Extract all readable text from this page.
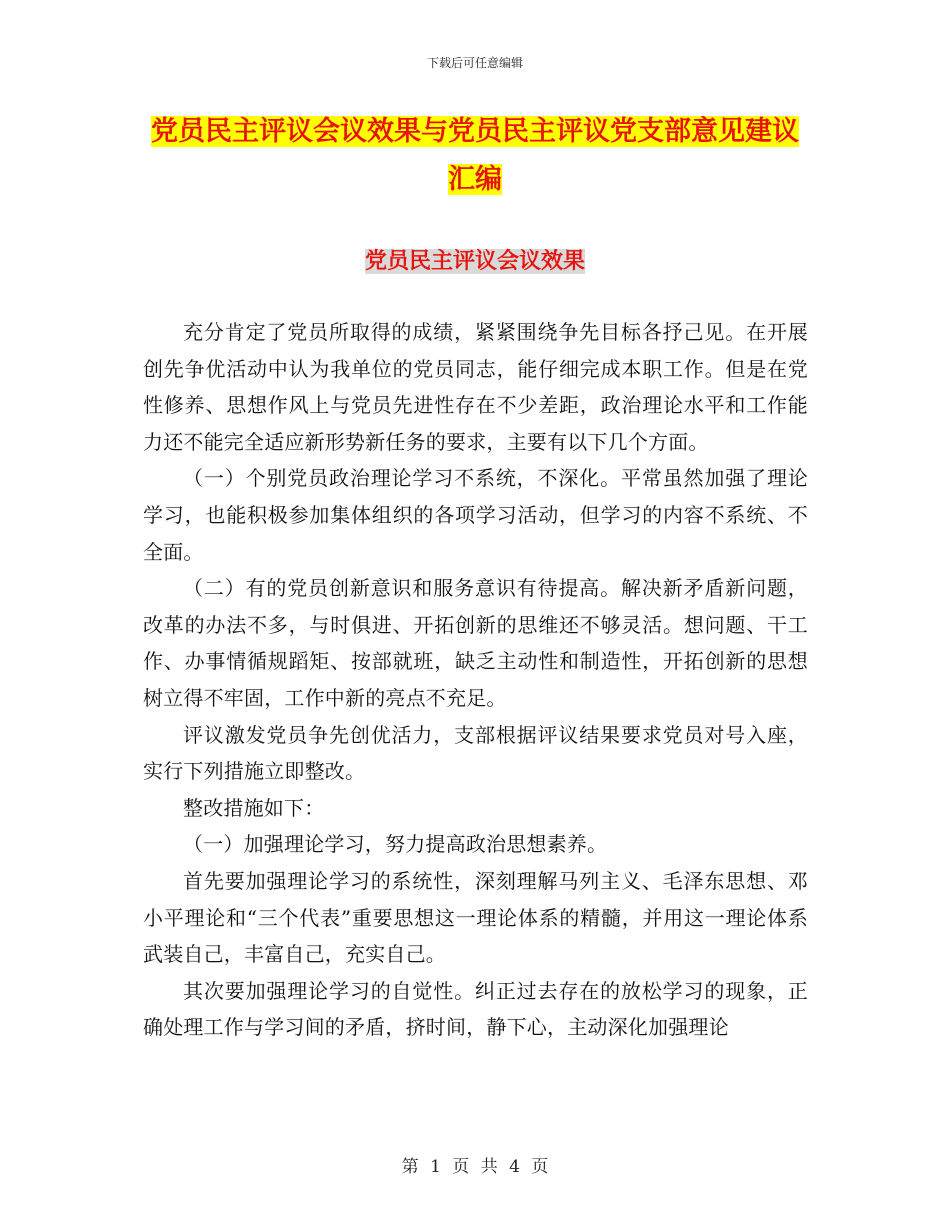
下载后可任意编辑
党员民主评议会议效果与党员民主评议党支部意见建议汇编
党员民主评议会议效果

充分肯定了党员所取得的成绩，紧紧围绕争先目标各抒己见。在开展创先争优活动中认为我单位的党员同志，能仔细完成本职工作。但是在党性修养、思想作风上与党员先进性存在不少差距，政治理论水平和工作能力还不能完全适应新形势新任务的要求，主要有以下几个方面。

（一）个别党员政治理论学习不系统，不深化。平常虽然加强了理论学习，也能积极参加集体组织的各项学习活动，但学习的内容不系统、不全面。

（二）有的党员创新意识和服务意识有待提高。解决新矛盾新问题，改革的办法不多，与时俱进、开拓创新的思维还不够灵活。想问题、干工作、办事情循规蹈矩、按部就班，缺乏主动性和制造性，开拓创新的思想树立得不牢固，工作中新的亮点不充足。

评议激发党员争先创优活力，支部根据评议结果要求党员对号入座，实行下列措施立即整改。

整改措施如下：

（一）加强理论学习，努力提高政治思想素养。

首先要加强理论学习的系统性，深刻理解马列主义、毛泽东思想、邓小平理论和“三个代表”重要思想这一理论体系的精髓，并用这一理论体系武装自己，丰富自己，充实自己。

其次要加强理论学习的自觉性。纠正过去存在的放松学习的现象，正确处理工作与学习间的矛盾，挤时间，静下心，主动深化加强理论

第 1 页 共 4 页
